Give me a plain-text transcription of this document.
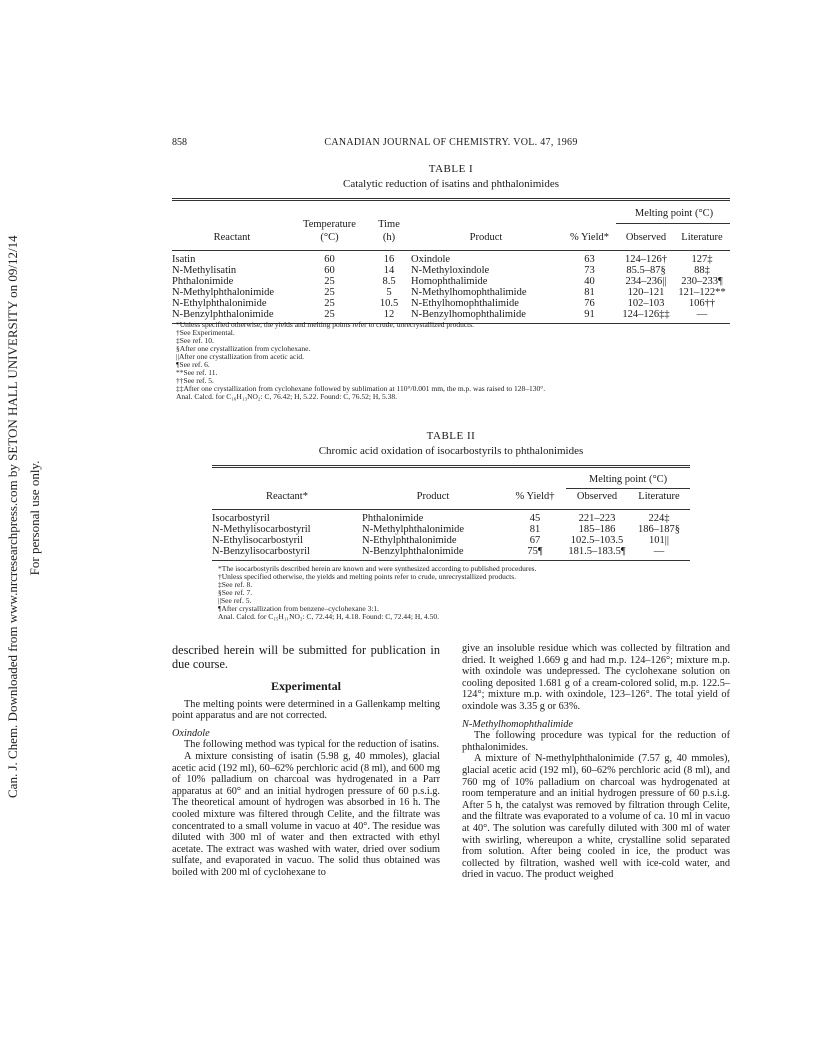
Can. J. Chem. Downloaded from www.nrcresearchpress.com by SETON HALL UNIVERSITY on 09/12/14 For personal use only.
858	CANADIAN JOURNAL OF CHEMISTRY. VOL. 47, 1969
TABLE I
Catalytic reduction of isatins and phthalonimides
					Melting point (°C)	
	Temperature	Time				
Reactant	(°C)	(h)	Product	% Yield*	Observed	Literature

Isatin	60	16	Oxindole	63	124–126†	127‡
N-Methylisatin	60	14	N-Methyloxindole	73	85.5–87§	88‡
Phthalonimide	25	8.5	Homophthalimide	40	234–236||	230–233¶
N-Methylphthalonimide	25	5	N-Methylhomophthalimide	81	120–121	121–122**
N-Ethylphthalonimide	25	10.5	N-Ethylhomophthalimide	76	102–103	106††
N-Benzylphthalonimide	25	12	N-Benzylhomophthalimide	91	124–126‡‡	—

*Unless specified otherwise, the yields and melting points refer to crude, unrecrystallized products.
†See Experimental.
‡See ref. 10.
§After one crystallization from cyclohexane.
||After one crystallization from acetic acid.
¶See ref. 6.
**See ref. 11.
††See ref. 5.
‡‡After one crystallization from cyclohexane followed by sublimation at 110°/0.001 mm, the m.p. was raised to 128–130°.
Anal. Calcd. for C₁₆H₁₃NO₂: C, 76.42; H, 5.22. Found: C, 76.52; H, 5.38.
TABLE II
Chromic acid oxidation of isocarbostyrils to phthalonimides
			Melting point (°C)	
Reactant*	Product	% Yield†	Observed	Literature

Isocarbostyril	Phthalonimide	45	221–223	224‡
N-Methylisocarbostyril	N-Methylphthalonimide	81	185–186	186–187§
N-Ethylisocarbostyril	N-Ethylphthalonimide	67	102.5–103.5	101||
N-Benzylisocarbostyril	N-Benzylphthalonimide	75¶	181.5–183.5¶	—

*The isocarbostyrils described herein are known and were synthesized according to published procedures.
†Unless specified otherwise, the yields and melting points refer to crude, unrecrystallized products.
‡See ref. 8.
§See ref. 7.
||See ref. 5.
¶After crystallization from benzene–cyclohexane 3:1.
Anal. Calcd. for C₁₅H₁₁NO₃: C, 72.44; H, 4.18. Found: C, 72.44; H, 4.50.

described herein will be submitted for publication in due course.

Experimental

The melting points were determined in a Gallenkamp melting point apparatus and are not corrected.

Oxindole

The following method was typical for the reduction of isatins.

A mixture consisting of isatin (5.98 g, 40 mmoles), glacial acetic acid (192 ml), 60–62% perchloric acid (8 ml), and 600 mg of 10% palladium on charcoal was hydrogenated in a Parr apparatus at 60° and an initial hydrogen pressure of 60 p.s.i.g. The theoretical amount of hydrogen was absorbed in 16 h. The cooled mixture was filtered through Celite, and the filtrate was concentrated to a small volume in vacuo at 40°. The residue was diluted with 300 ml of water and then extracted with ethyl acetate. The extract was washed with water, dried over sodium sulfate, and evaporated in vacuo. The solid thus obtained was boiled with 200 ml of cyclohexane to

give an insoluble residue which was collected by filtration and dried. It weighed 1.669 g and had m.p. 124–126°; mixture m.p. with oxindole was undepressed. The cyclohexane solution on cooling deposited 1.681 g of a cream-colored solid, m.p. 122.5–124°; mixture m.p. with oxindole, 123–126°. The total yield of oxindole was 3.35 g or 63%.

N-Methylhomophthalimide

The following procedure was typical for the reduction of phthalonimides.

A mixture of N-methylphthalonimide (7.57 g, 40 mmoles), glacial acetic acid (192 ml), 60–62% perchloric acid (8 ml), and 760 mg of 10% palladium on charcoal was hydrogenated at room temperature and an initial hydrogen pressure of 60 p.s.i.g. After 5 h, the catalyst was removed by filtration through Celite, and the filtrate was evaporated to a volume of ca. 10 ml in vacuo at 40°. The solution was carefully diluted with 300 ml of water with swirling, whereupon a white, crystalline solid separated from solution. After being cooled in ice, the product was collected by filtration, washed well with ice-cold water, and dried in vacuo. The product weighed
